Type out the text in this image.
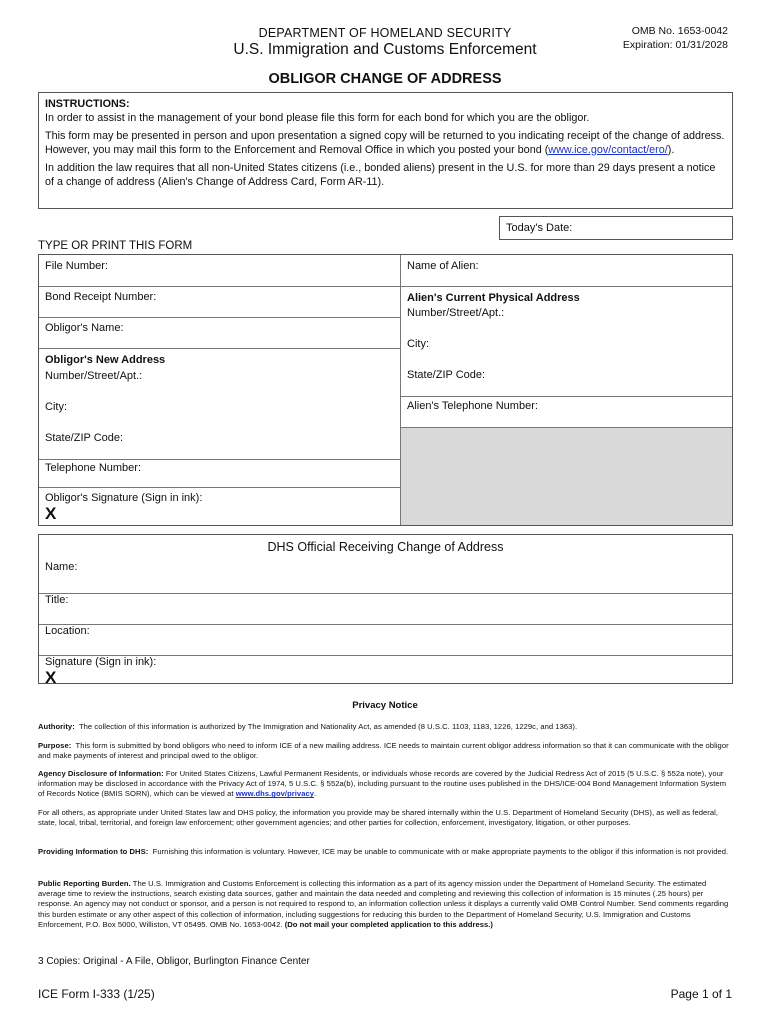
DEPARTMENT OF HOMELAND SECURITY
U.S. Immigration and Customs Enforcement
OMB No. 1653-0042
Expiration: 01/31/2028
OBLIGOR CHANGE OF ADDRESS

INSTRUCTIONS:

In order to assist in the management of your bond please file this form for each bond for which you are the obligor.

This form may be presented in person and upon presentation a signed copy will be returned to you indicating receipt of the change of address. However, you may mail this form to the Enforcement and Removal Office in which you posted your bond (www.ice.gov/contact/ero/).

In addition the law requires that all non-United States citizens (i.e., bonded aliens) present in the U.S. for more than 29 days present a notice of a change of address (Alien's Change of Address Card, Form AR-11).

Today's Date:
TYPE OR PRINT THIS FORM
File Number:
Bond Receipt Number:
Obligor's Name:
Obligor's New Address
Number/Street/Apt.:
City:
State/ZIP Code:
Telephone Number:
Obligor's Signature (Sign in ink):
X
Name of Alien:
Alien's Current Physical Address
Number/Street/Apt.:
City:
State/ZIP Code:
Alien's Telephone Number:
DHS Official Receiving Change of Address
Name:
Title:
Location:
Signature (Sign in ink):
X
Privacy Notice
Authority: The collection of this information is authorized by The Immigration and Nationality Act, as amended (8 U.S.C. 1103, 1183, 1226, 1229c, and 1363).
Purpose: This form is submitted by bond obligors who need to inform ICE of a new mailing address. ICE needs to maintain current obligor address information so that it can communicate with the obligor and make payments of interest and principal owed to the obligor.
Agency Disclosure of Information: For United States Citizens, Lawful Permanent Residents, or individuals whose records are covered by the Judicial Redress Act of 2015 (5 U.S.C. § 552a note), your information may be disclosed in accordance with the Privacy Act of 1974, 5 U.S.C. § 552a(b), including pursuant to the routine uses published in the DHS/ICE-004 Bond Management Information System of Records Notice (BMIS SORN), which can be viewed at www.dhs.gov/privacy.
For all others, as appropriate under United States law and DHS policy, the information you provide may be shared internally within the U.S. Department of Homeland Security (DHS), as well as federal, state, local, tribal, territorial, and foreign law enforcement; other government agencies; and other parties for collection, enforcement, investigatory, litigation, or other purposes.
Providing Information to DHS: Furnishing this information is voluntary. However, ICE may be unable to communicate with or make appropriate payments to the obligor if this information is not provided.
Public Reporting Burden. The U.S. Immigration and Customs Enforcement is collecting this information as a part of its agency mission under the Department of Homeland Security. The estimated average time to review the instructions, search existing data sources, gather and maintain the data needed and completing and reviewing this collection of information is 15 minutes (.25 hours) per response. An agency may not conduct or sponsor, and a person is not required to respond to, an information collection unless it displays a currently valid OMB Control Number. Send comments regarding this burden estimate or any other aspect of this collection of information, including suggestions for reducing this burden to the Department of Homeland Security, U.S. Immigration and Customs Enforcement, P.O. Box 5000, Williston, VT 05495. OMB No. 1653-0042. (Do not mail your completed application to this address.)
3 Copies: Original - A File, Obligor, Burlington Finance Center
ICE Form I-333 (1/25)	Page 1 of 1
